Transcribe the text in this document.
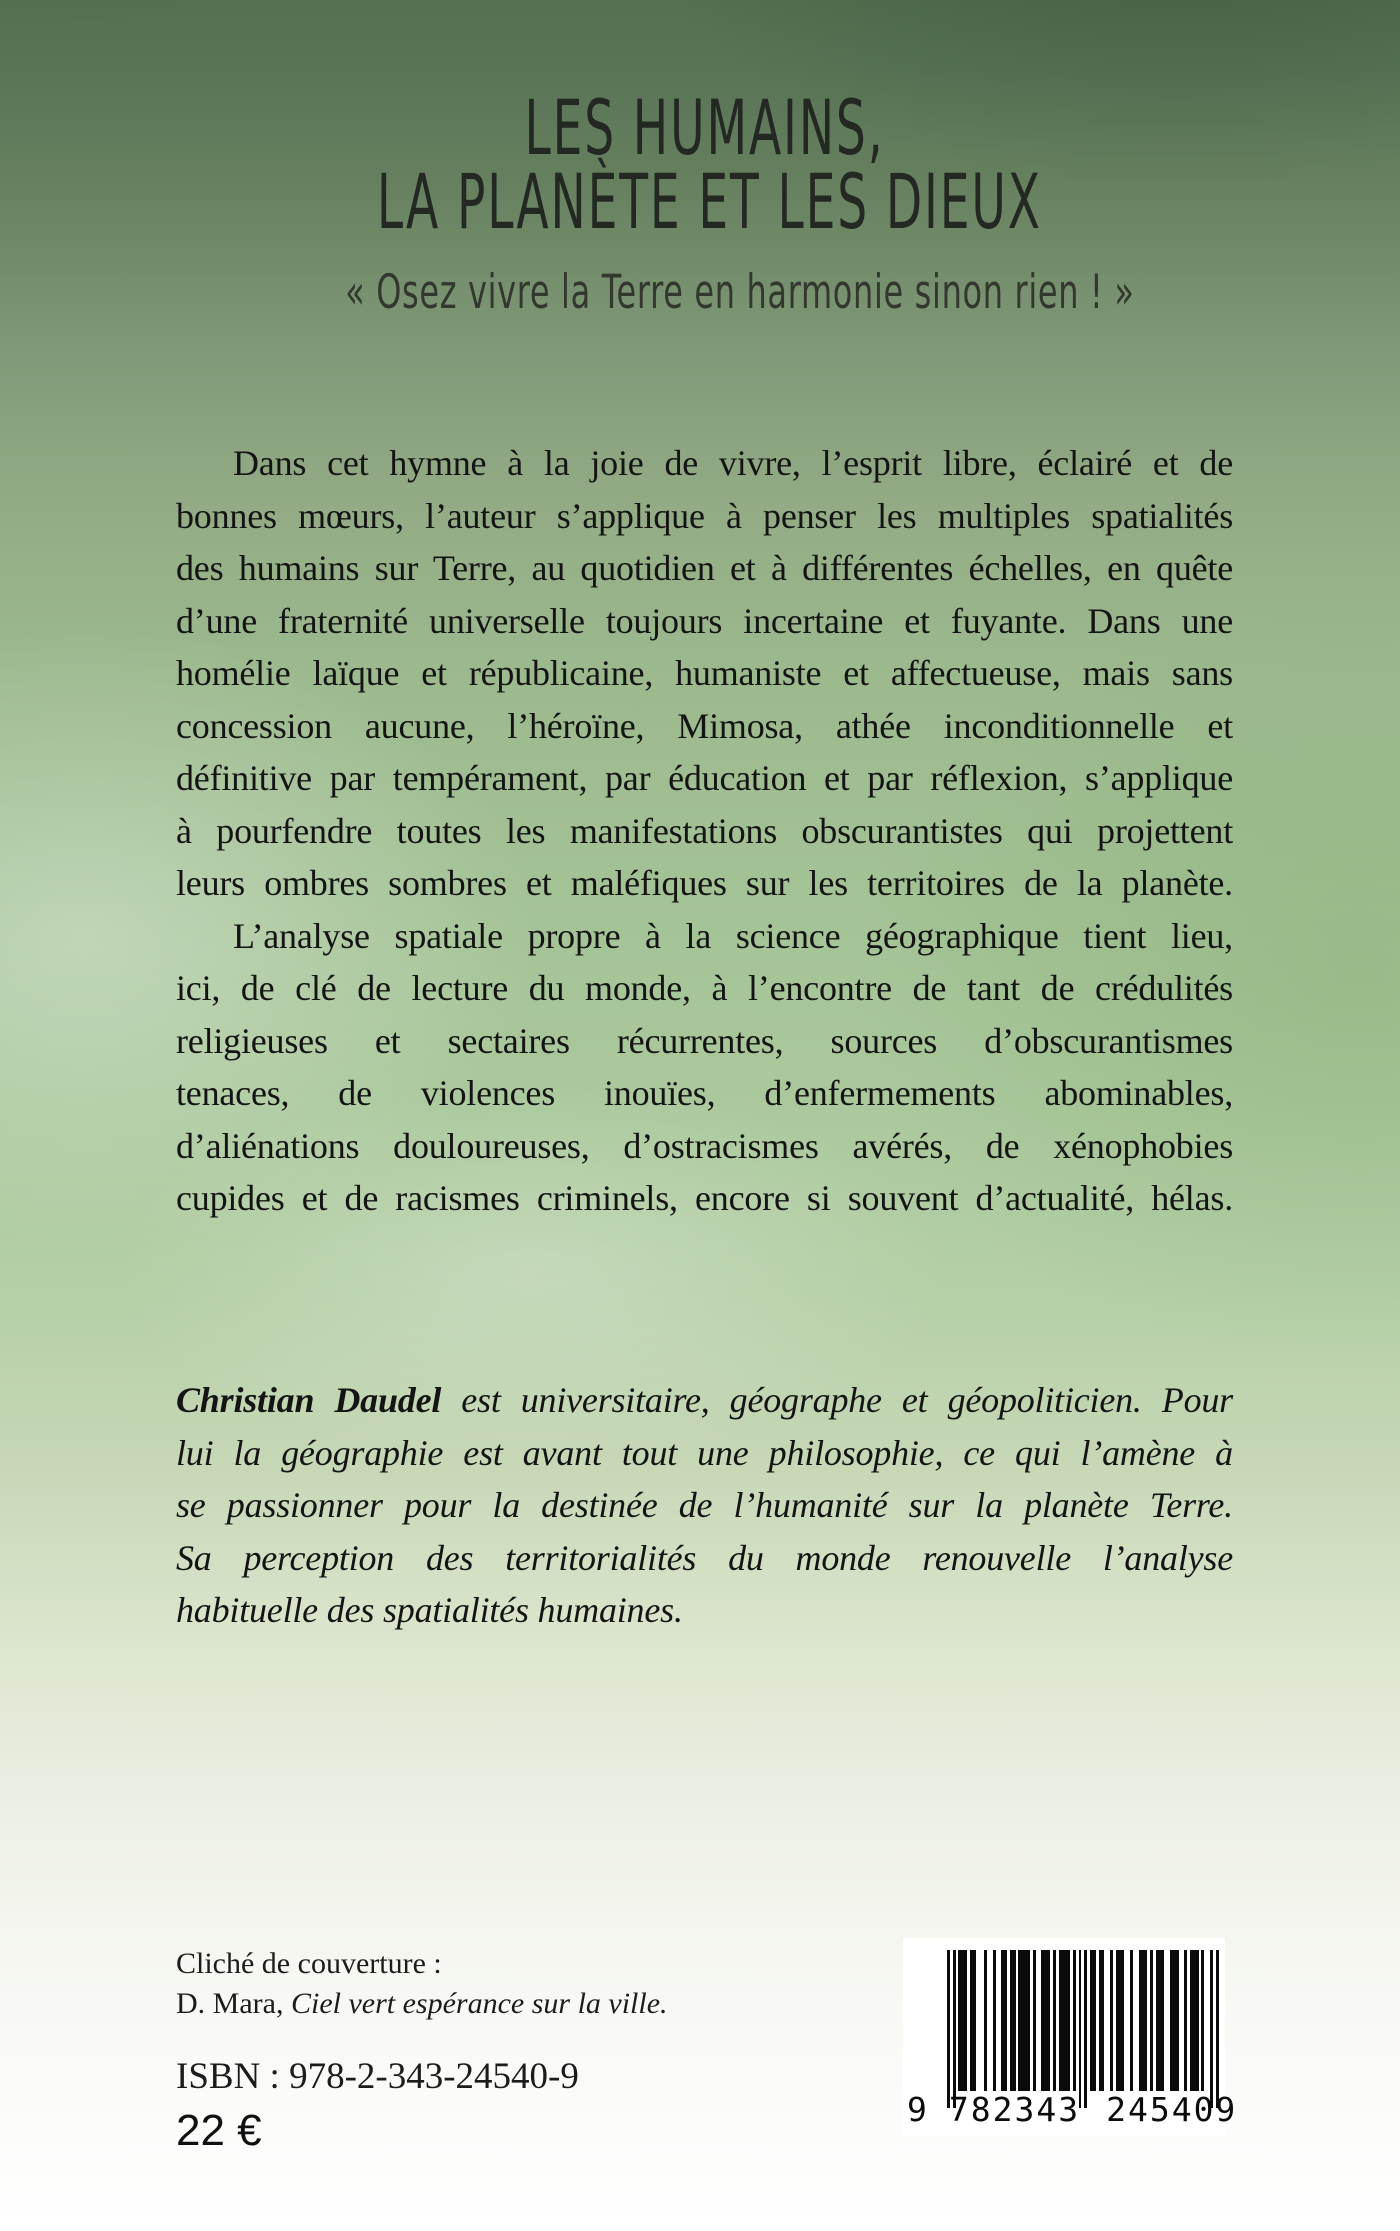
LES HUMAINS,
LA PLANÈTE ET LES DIEUX
« Osez vivre la Terre en harmonie sinon rien ! »
Dans cet hymne à la joie de vivre, l’esprit libre, éclairé et de
bonnes mœurs, l’auteur s’applique à penser les multiples spatialités
des humains sur Terre, au quotidien et à différentes échelles, en quête
d’une fraternité universelle toujours incertaine et fuyante. Dans une
homélie laïque et républicaine, humaniste et affectueuse, mais sans
concession aucune, l’héroïne, Mimosa, athée inconditionnelle et
définitive par tempérament, par éducation et par réflexion, s’applique
à pourfendre toutes les manifestations obscurantistes qui projettent
leurs ombres sombres et maléfiques sur les territoires de la planète.
L’analyse spatiale propre à la science géographique tient lieu,
ici, de clé de lecture du monde, à l’encontre de tant de crédulités
religieuses et sectaires récurrentes, sources d’obscurantismes
tenaces, de violences inouïes, d’enfermements abominables,
d’aliénations douloureuses, d’ostracismes avérés, de xénophobies
cupides et de racismes criminels, encore si souvent d’actualité, hélas.
Christian Daudel est universitaire, géographe et géopoliticien. Pour
lui la géographie est avant tout une philosophie, ce qui l’amène à
se passionner pour la destinée de l’humanité sur la planète Terre.
Sa perception des territorialités du monde renouvelle l’analyse
habituelle des spatialités humaines.
Cliché de couverture :
D. Mara, Ciel vert espérance sur la ville.
ISBN : 978-2-343-24540-9
22 €	9 782343 245409
